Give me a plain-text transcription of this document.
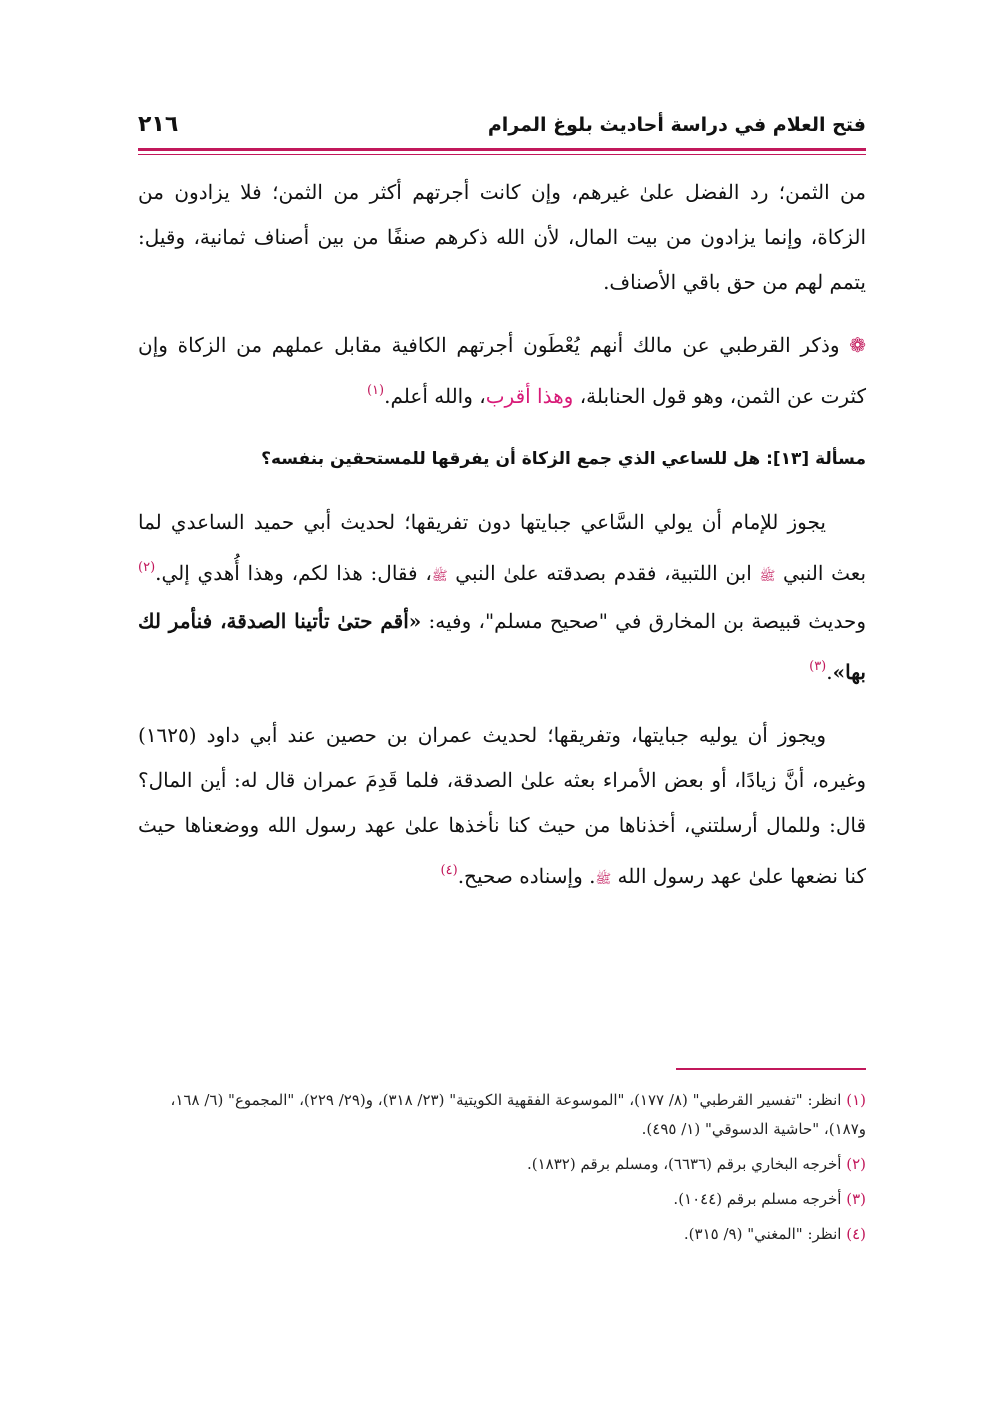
فتح العلام في دراسة أحاديث بلوغ المرام
٢١٦

من الثمن؛ رد الفضل علىٰ غيرهم، وإن كانت أجرتهم أكثر من الثمن؛ فلا يزادون من الزكاة، وإنما يزادون من بيت المال، لأن الله ذكرهم صنفًا من بين أصناف ثمانية، وقيل: يتمم لهم من حق باقي الأصناف.

❁ وذكر القرطبي عن مالك أنهم يُعْطَون أجرتهم الكافية مقابل عملهم من الزكاة وإن كثرت عن الثمن، وهو قول الحنابلة، وهذا أقرب، والله أعلم.$^{(١)}$

مسألة [١٣]: هل للساعي الذي جمع الزكاة أن يفرقها للمستحقين بنفسه؟

يجوز للإمام أن يولي السَّاعي جبايتها دون تفريقها؛ لحديث أبي حميد الساعدي لما بعث النبي ﷺ ابن اللتبية، فقدم بصدقته علىٰ النبي ﷺ، فقال: هذا لكم، وهذا أُهدي إلي.$^{(٢)}$ وحديث قبيصة بن المخارق في "صحيح مسلم"، وفيه: «أقم حتىٰ تأتينا الصدقة، فنأمر لك بها».$^{(٣)}$

ويجوز أن يوليه جبايتها، وتفريقها؛ لحديث عمران بن حصين عند أبي داود (١٦٢٥) وغيره، أنَّ زيادًا، أو بعض الأمراء بعثه علىٰ الصدقة، فلما قَدِمَ عمران قال له: أين المال؟ قال: وللمال أرسلتني، أخذناها من حيث كنا نأخذها علىٰ عهد رسول الله ووضعناها حيث كنا نضعها علىٰ عهد رسول الله ﷺ. وإسناده صحيح.$^{(٤)}$

(١) انظر: "تفسير القرطبي" (٨/ ١٧٧)، "الموسوعة الفقهية الكويتية" (٢٣/ ٣١٨)، و(٢٩/ ٢٢٩)، "المجموع" (٦/ ١٦٨، و١٨٧)، "حاشية الدسوقي" (١/ ٤٩٥).

(٢) أخرجه البخاري برقم (٦٦٣٦)، ومسلم برقم (١٨٣٢).

(٣) أخرجه مسلم برقم (١٠٤٤).

(٤) انظر: "المغني" (٩/ ٣١٥).
